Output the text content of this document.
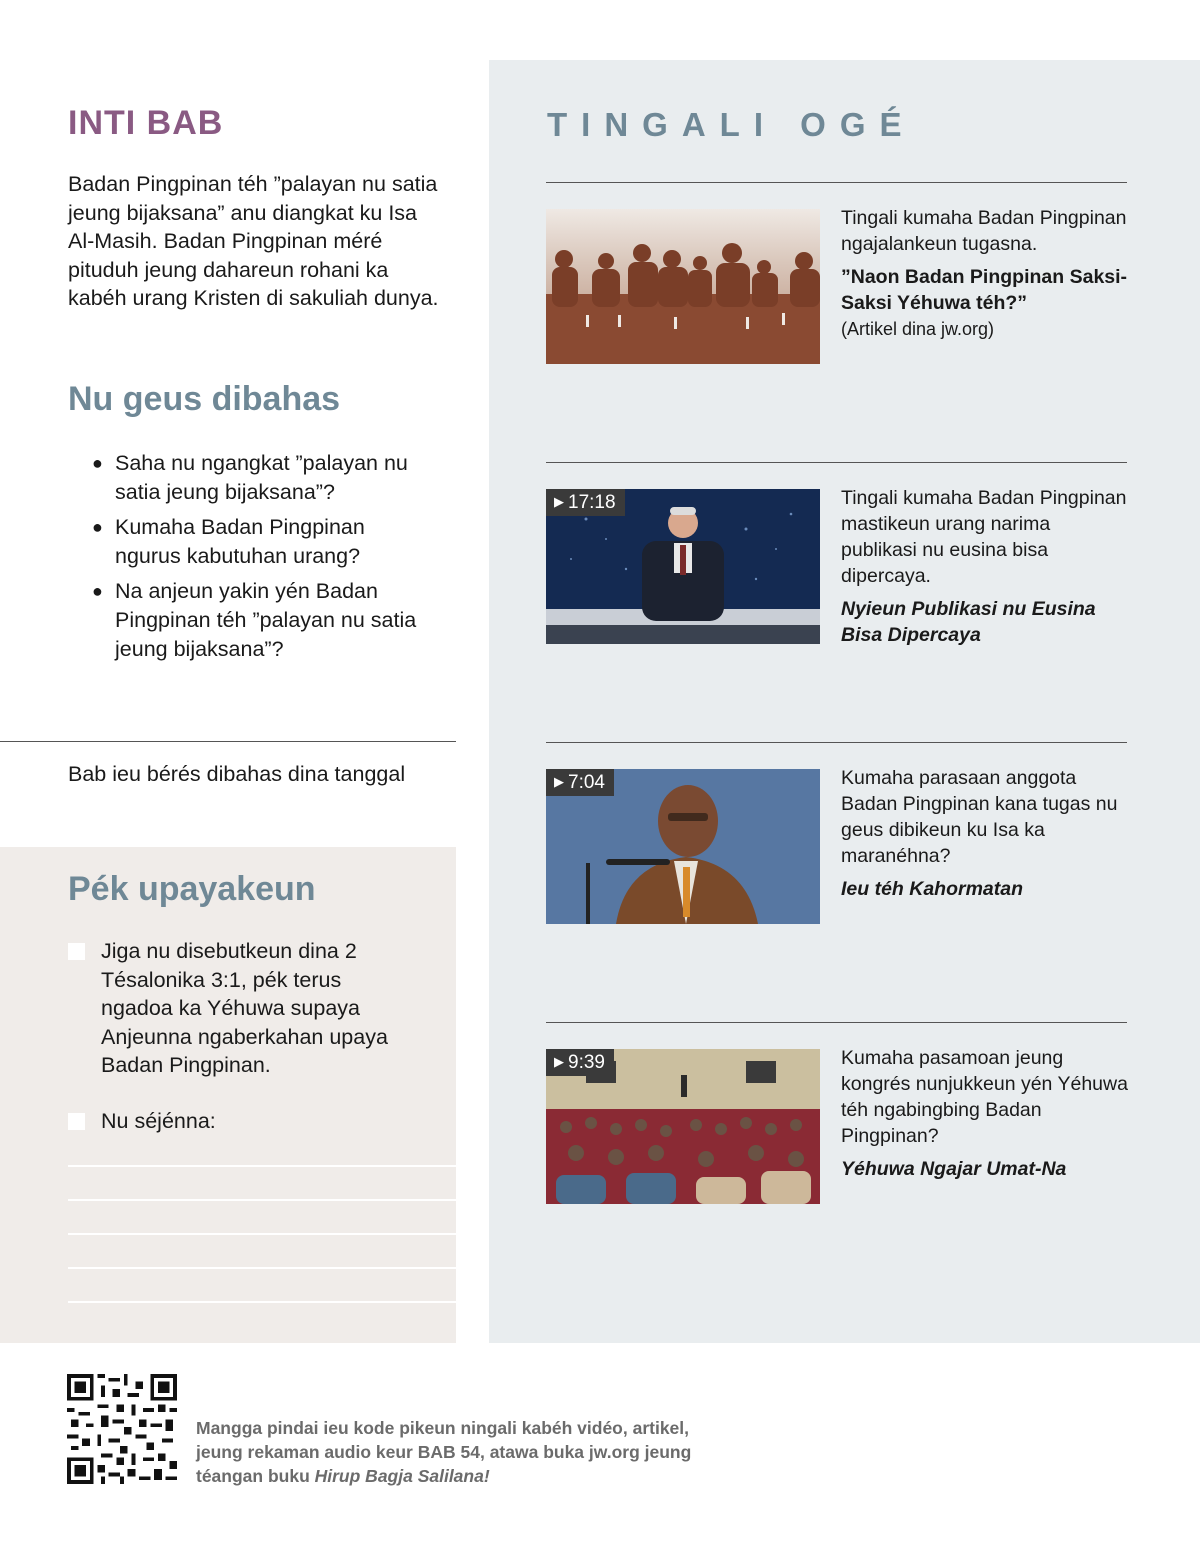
INTI BAB
Badan Pingpinan téh ”palayan nu satia jeung bijaksana” anu diangkat ku Isa Al-Masih. Badan Pingpinan méré pituduh jeung dahareun rohani ka kabéh urang Kristen di sakuliah dunya.
Nu geus dibahas
● Saha nu ngangkat ”palayan nu satia jeung bijaksana”?
● Kumaha Badan Pingpinan ngurus kabutuhan urang?
● Na anjeun yakin yén Badan Pingpinan téh ”palayan nu satia jeung bijaksana”?
Bab ieu bérés dibahas dina tanggal
Pék upayakeun
Jiga nu disebutkeun dina 2 Tésalonika 3:1, pék terus ngadoa ka Yéhuwa supaya Anjeunna ngaberkahan upaya Badan Pingpinan.
Nu séjénna:
TINGALI OGÉ
Tingali kumaha Badan Pingpinan ngajalankeun tugasna.
”Naon Badan Pingpinan Saksi-Saksi Yéhuwa téh?”
(Artikel dina jw.org)
▶ 17:18	Tingali kumaha Badan Pingpinan mastikeun urang narima publikasi nu eusina bisa dipercaya.
Nyieun Publikasi nu Eusina Bisa Dipercaya
▶ 7:04	Kumaha parasaan anggota Badan Pingpinan kana tugas nu geus dibikeun ku Isa ka maranéhna?
Ieu téh Kahormatan
▶ 9:39	Kumaha pasamoan jeung kongrés nunjukkeun yén Yéhuwa téh ngabingbing Badan Pingpinan?
Yéhuwa Ngajar Umat-Na
Mangga pindai ieu kode pikeun ningali kabéh vidéo, artikel, jeung rekaman audio keur BAB 54, atawa buka jw.org jeung téangan buku Hirup Bagja Salilana!
